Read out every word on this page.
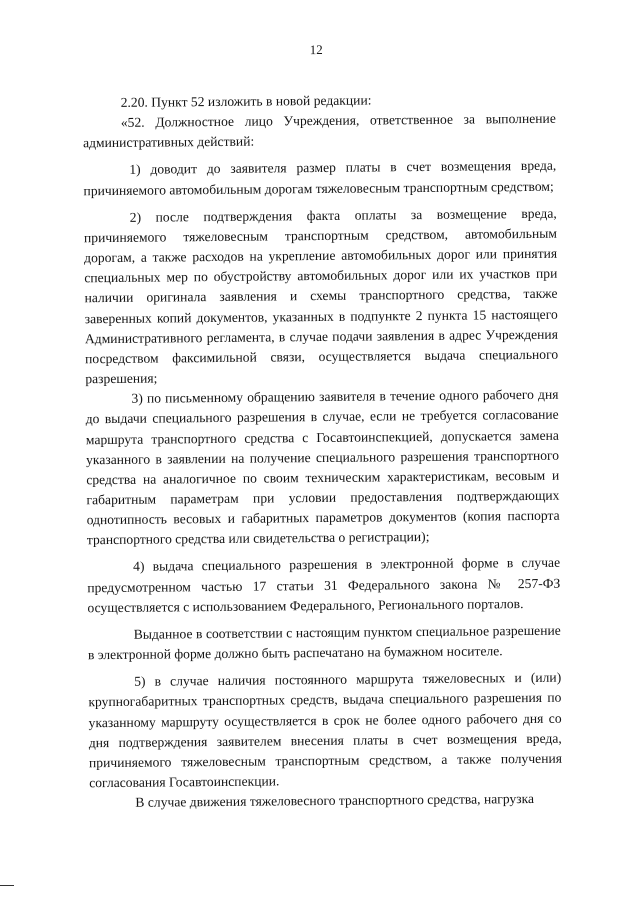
12

2.20. Пункт 52 изложить в новой редакции:

«52. Должностное лицо Учреждения, ответственное за выполнение административных действий:

1) доводит до заявителя размер платы в счет возмещения вреда, причиняемого автомобильным дорогам тяжеловесным транспортным средством;

2) после подтверждения факта оплаты за возмещение вреда, причиняемого тяжеловесным транспортным средством, автомобильным дорогам, а также расходов на укрепление автомобильных дорог или принятия специальных мер по обустройству автомобильных дорог или их участков при наличии оригинала заявления и схемы транспортного средства, также заверенных копий документов, указанных в подпункте 2 пункта 15 настоящего Административного регламента, в случае подачи заявления в адрес Учреждения посредством факсимильной связи, осуществляется выдача специального разрешения;

3) по письменному обращению заявителя в течение одного рабочего дня до выдачи специального разрешения в случае, если не требуется согласование маршрута транспортного средства с Госавтоинспекцией, допускается замена указанного в заявлении на получение специального разрешения транспортного средства на аналогичное по своим техническим характеристикам, весовым и габаритным параметрам при условии предоставления подтверждающих однотипность весовых и габаритных параметров документов (копия паспорта транспортного средства или свидетельства о регистрации);

4) выдача специального разрешения в электронной форме в случае предусмотренном частью 17 статьи 31 Федерального закона № 257-ФЗ осуществляется с использованием Федерального, Регионального порталов.

Выданное в соответствии с настоящим пунктом специальное разрешение в электронной форме должно быть распечатано на бумажном носителе.

5) в случае наличия постоянного маршрута тяжеловесных и (или) крупногабаритных транспортных средств, выдача специального разрешения по указанному маршруту осуществляется в срок не более одного рабочего дня со дня подтверждения заявителем внесения платы в счет возмещения вреда, причиняемого тяжеловесным транспортным средством, а также получения согласования Госавтоинспекции.

В случае движения тяжеловесного транспортного средства, нагрузка
